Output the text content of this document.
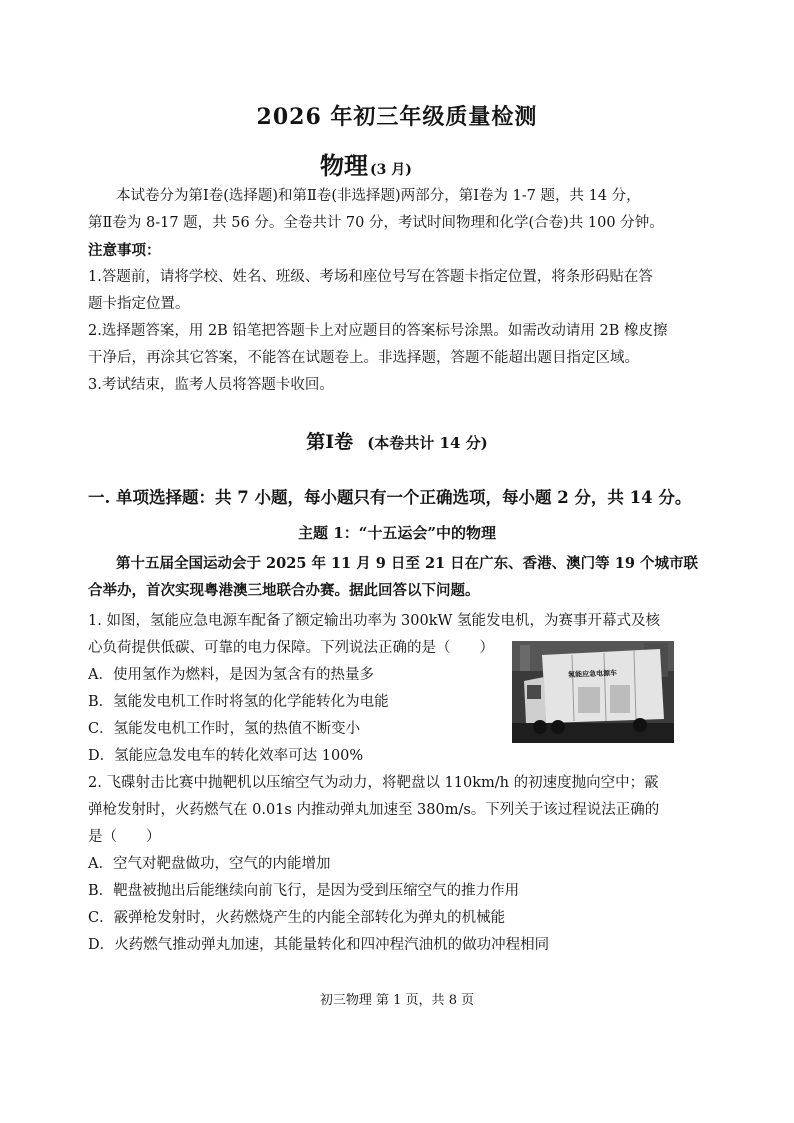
2026 年初三年级质量检测
物理 (3 月)
本试卷分为第Ⅰ卷(选择题)和第Ⅱ卷(非选择题)两部分，第Ⅰ卷为 1-7 题，共 14 分，
第Ⅱ卷为 8-17 题，共 56 分。全卷共计 70 分，考试时间物理和化学(合卷)共 100 分钟。
注意事项：
1.答题前，请将学校、姓名、班级、考场和座位号写在答题卡指定位置，将条形码贴在答
题卡指定位置。
2.选择题答案，用 2B 铅笔把答题卡上对应题目的答案标号涂黑。如需改动请用 2B 橡皮擦
干净后，再涂其它答案，不能答在试题卷上。非选择题，答题不能超出题目指定区域。
3.考试结束，监考人员将答题卡收回。
第Ⅰ卷 (本卷共计 14 分)
一. 单项选择题：共 7 小题，每小题只有一个正确选项，每小题 2 分，共 14 分。
主题 1：“十五运会”中的物理
第十五届全国运动会于 2025 年 11 月 9 日至 21 日在广东、香港、澳门等 19 个城市联
合举办，首次实现粤港澳三地联合办赛。据此回答以下问题。
1. 如图，氢能应急电源车配备了额定输出功率为 300kW 氢能发电机，为赛事开幕式及核
心负荷提供低碳、可靠的电力保障。下列说法正确的是（　　）
A．使用氢作为燃料，是因为氢含有的热量多
B．氢能发电机工作时将氢的化学能转化为电能
C．氢能发电机工作时，氢的热值不断变小
D．氢能应急发电车的转化效率可达 100%
氢能应急电源车
2. 飞碟射击比赛中抛靶机以压缩空气为动力，将靶盘以 110km/h 的初速度抛向空中；霰
弹枪发射时，火药燃气在 0.01s 内推动弹丸加速至 380m/s。下列关于该过程说法正确的
是（　　）
A．空气对靶盘做功，空气的内能增加
B．靶盘被抛出后能继续向前飞行，是因为受到压缩空气的推力作用
C．霰弹枪发射时，火药燃烧产生的内能全部转化为弹丸的机械能
D．火药燃气推动弹丸加速，其能量转化和四冲程汽油机的做功冲程相同
初三物理 第 1 页，共 8 页
